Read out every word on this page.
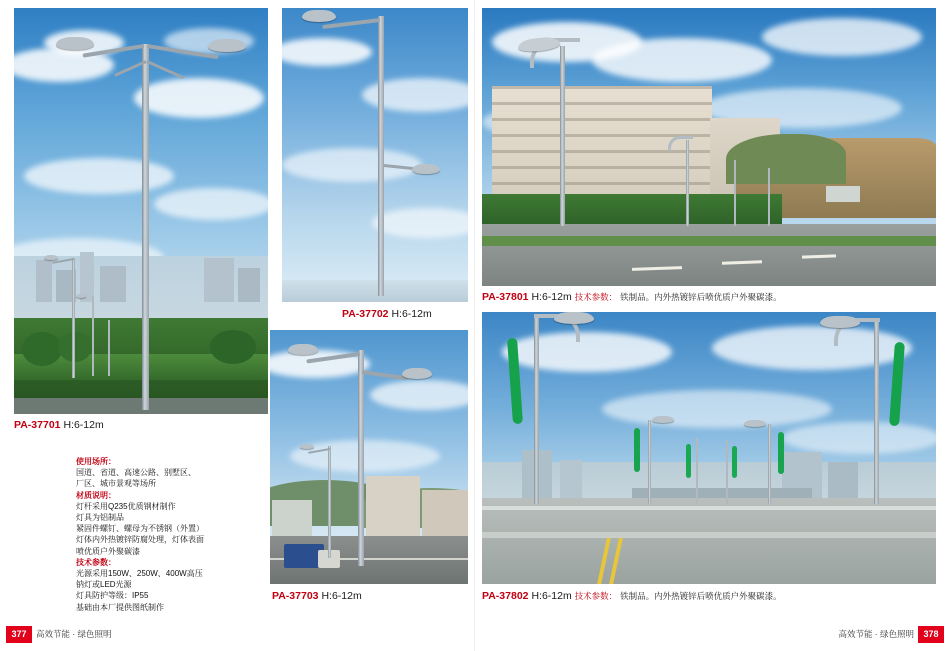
PA-37701 H:6-12m
PA-37702 H:6-12m
PA-37703 H:6-12m
PA-37801 H:6-12m 技术参数： 铁制品。内外热镀锌后喷优质户外聚碳漆。
PA-37802 H:6-12m 技术参数： 铁制品。内外热镀锌后喷优质户外聚碳漆。
使用场所：
国道、省道、高速公路、别墅区、
厂区、城市景观等场所
材质说明：
灯杆采用Q235优质钢材制作
灯具为铝制品
紧固件螺钉、螺母为不锈钢（外置）
灯体内外热镀锌防腐处理，灯体表面
喷优质户外聚碳漆
技术参数：
光源采用150W、250W、400W高压
钠灯或LED光源
灯具防护等级：IP55
基础由本厂提供图纸制作
377	高效节能 · 绿色照明	378
高效节能 · 绿色照明
